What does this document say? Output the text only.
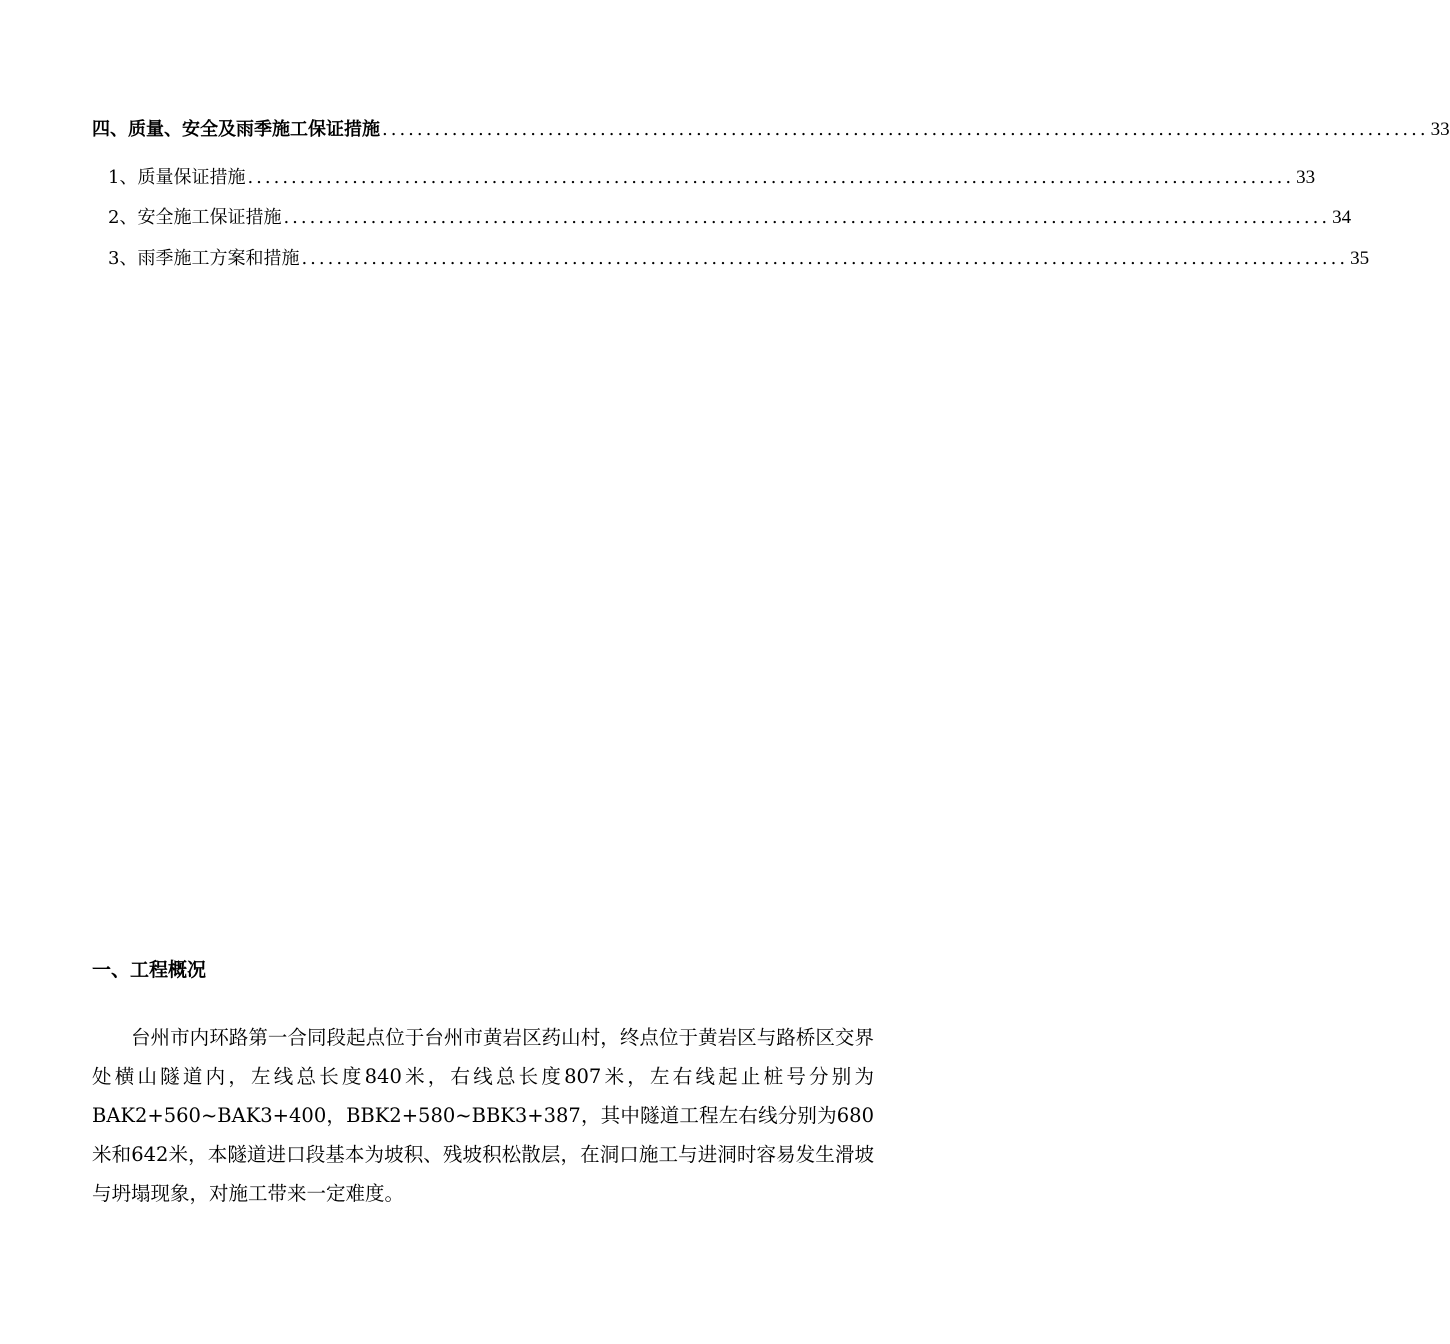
四、质量、安全及雨季施工保证措施 ........................................................................................................................ 33
1、质量保证措施 ........................................................................................................................ 33
2、安全施工保证措施 ........................................................................................................................ 34
3、雨季施工方案和措施 ........................................................................................................................ 35
一、工程概况

台州市内环路第一合同段起点位于台州市黄岩区药山村，终点位于黄岩区与路桥区交界处横山隧道内，左线总长度840米，右线总长度807米，左右线起止桩号分别为BAK2+560~BAK3+400，BBK2+580~BBK3+387，其中隧道工程左右线分别为680米和642米，本隧道进口段基本为坡积、残坡积松散层，在洞口施工与进洞时容易发生滑坡与坍塌现象，对施工带来一定难度。
